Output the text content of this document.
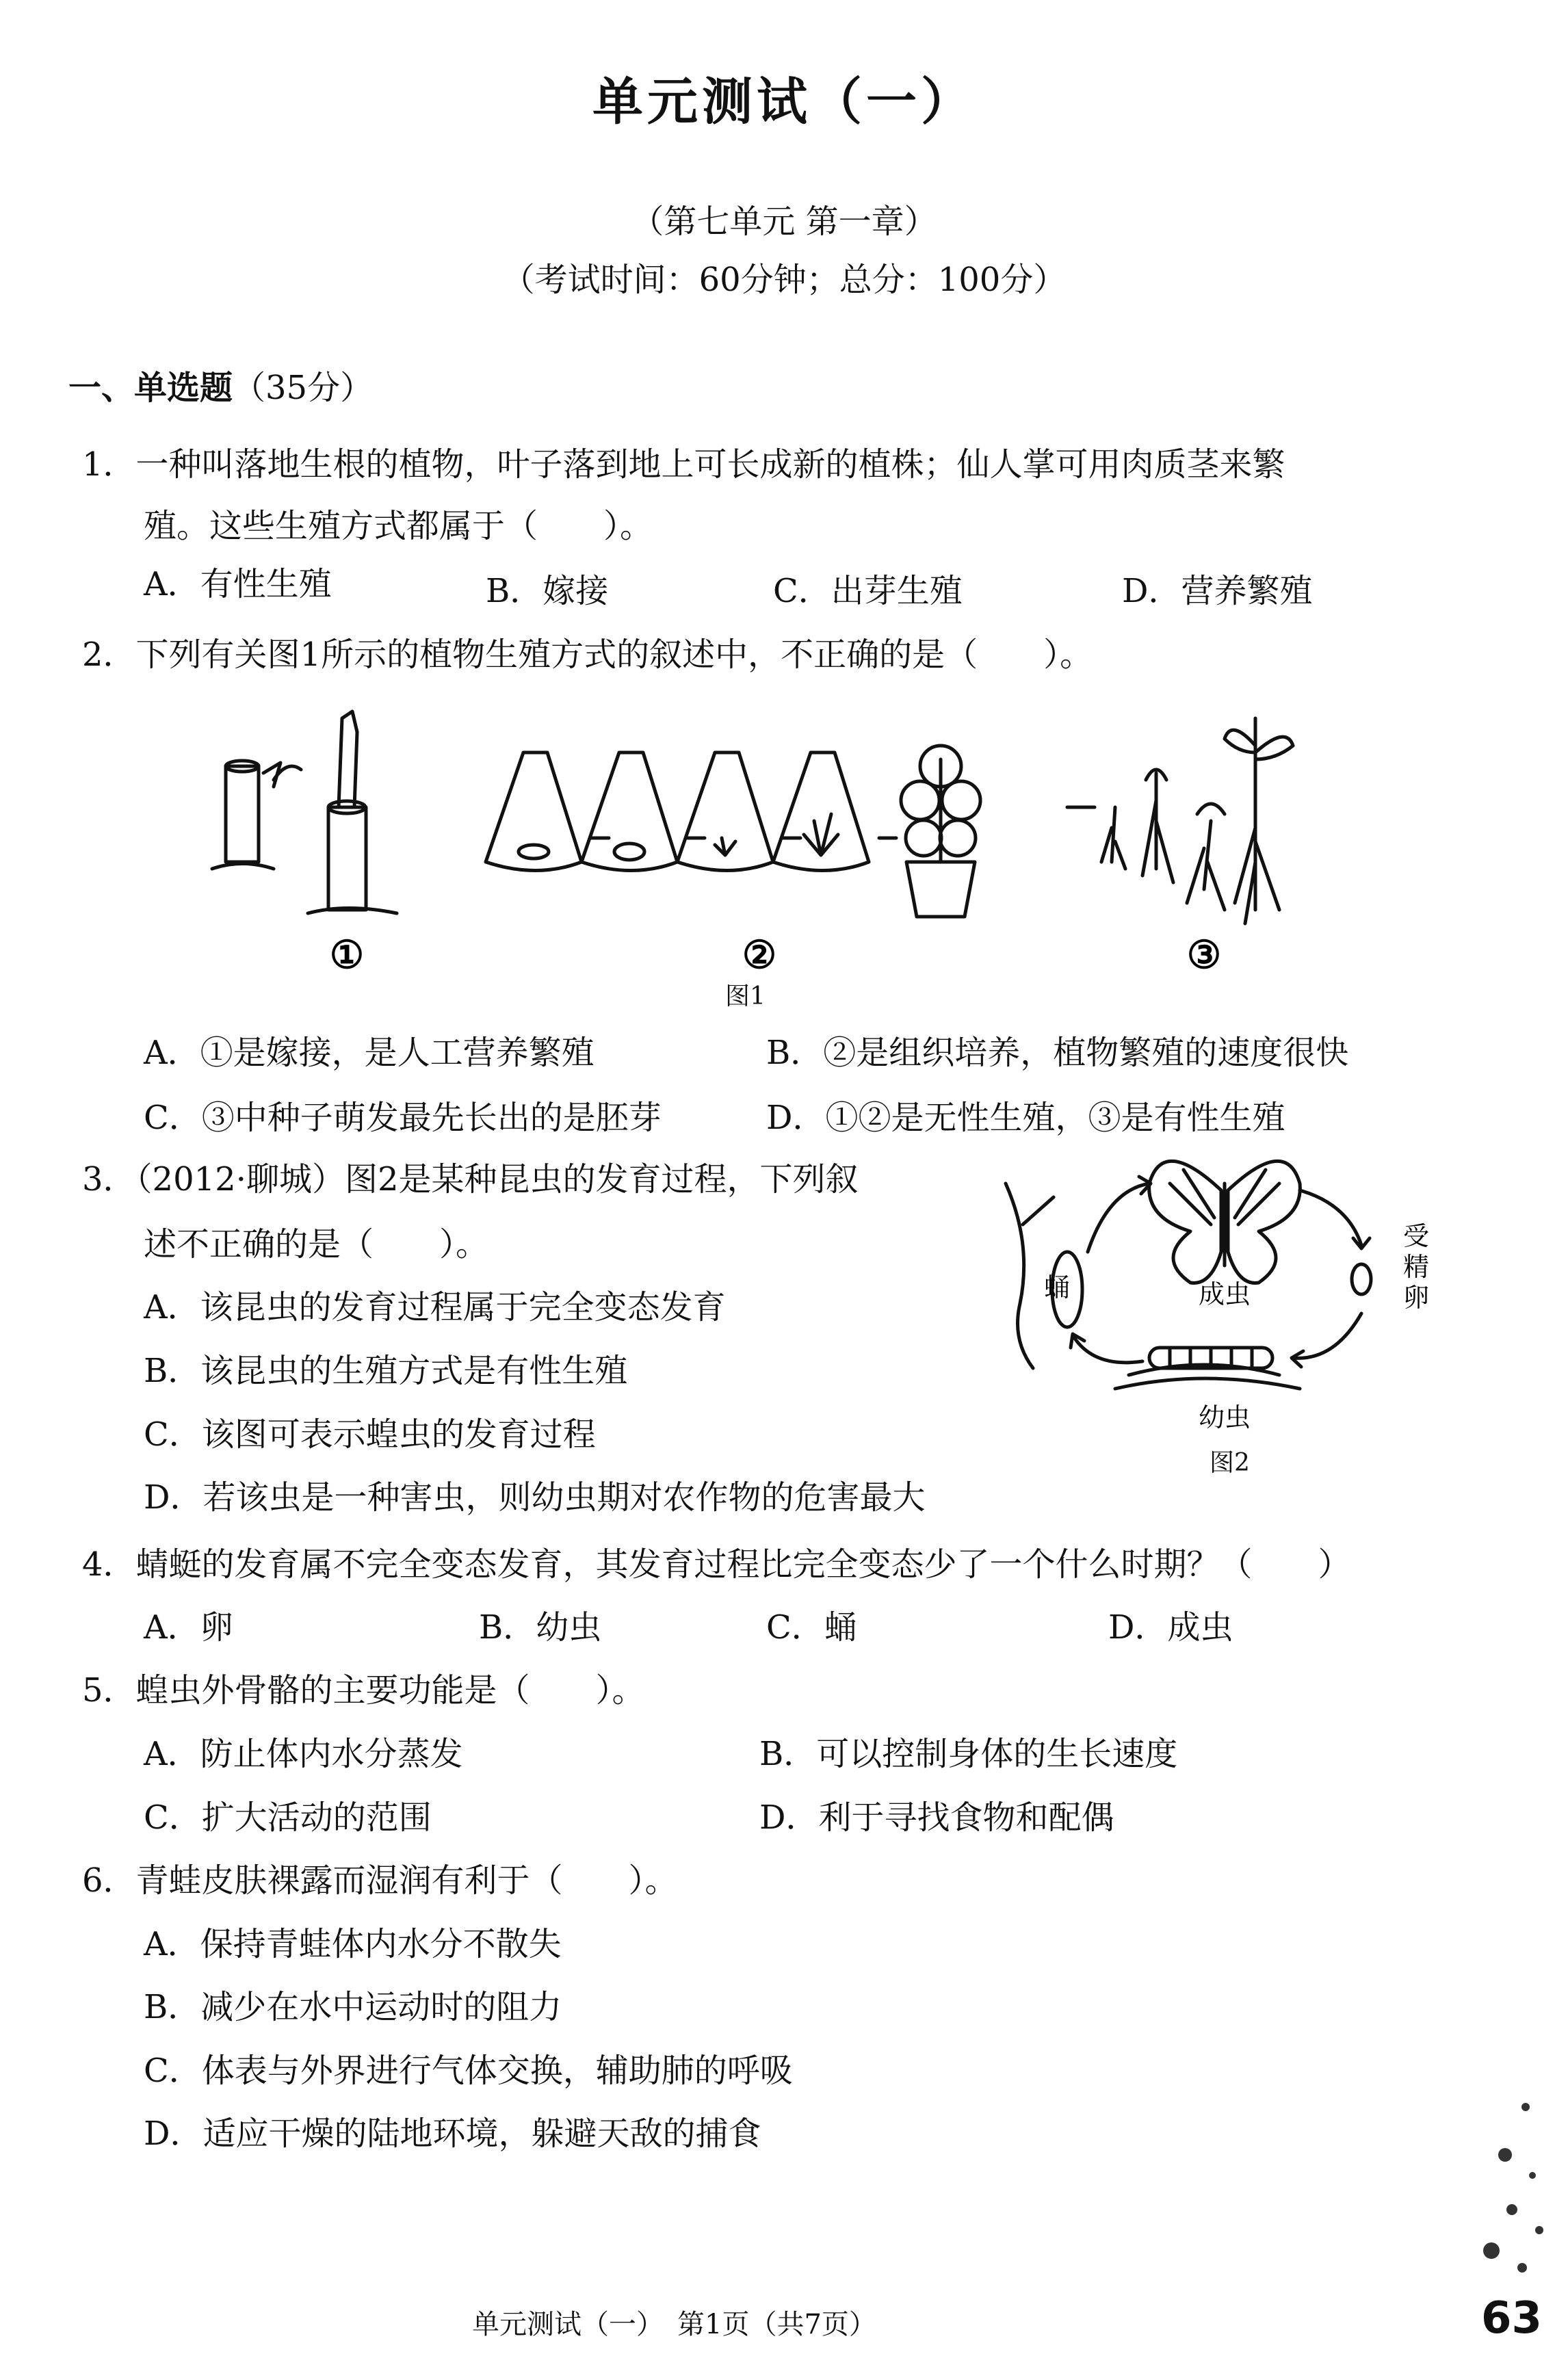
单元测试（一）
（第七单元 第一章）
（考试时间：60分钟；总分：100分）
一、单选题（35分）
1．一种叫落地生根的植物，叶子落到地上可长成新的植株；仙人掌可用肉质茎来繁
殖。这些生殖方式都属于（　　）。
A．有性生殖	B．嫁接	C．出芽生殖	D．营养繁殖
2．下列有关图1所示的植物生殖方式的叙述中，不正确的是（　　）。
①	②	③
图1
A．①是嫁接，是人工营养繁殖	B．②是组织培养，植物繁殖的速度很快
C．③中种子萌发最先长出的是胚芽	D．①②是无性生殖，③是有性生殖
3．（2012·聊城）图2是某种昆虫的发育过程，下列叙
述不正确的是（　　）。
A．该昆虫的发育过程属于完全变态发育
B．该昆虫的生殖方式是有性生殖
C．该图可表示蝗虫的发育过程
D．若该虫是一种害虫，则幼虫期对农作物的危害最大
蛹	成虫
受
精
卵
幼虫
图2
4．蜻蜓的发育属不完全变态发育，其发育过程比完全变态少了一个什么时期？（　　）
A．卵	B．幼虫	C．蛹	D．成虫
5．蝗虫外骨骼的主要功能是（　　）。
A．防止体内水分蒸发	B．可以控制身体的生长速度
C．扩大活动的范围	D．利于寻找食物和配偶
6．青蛙皮肤裸露而湿润有利于（　　）。
A．保持青蛙体内水分不散失
B．减少在水中运动时的阻力
C．体表与外界进行气体交换，辅助肺的呼吸
D．适应干燥的陆地环境，躲避天敌的捕食
单元测试（一）　第1页（共7页）	63
